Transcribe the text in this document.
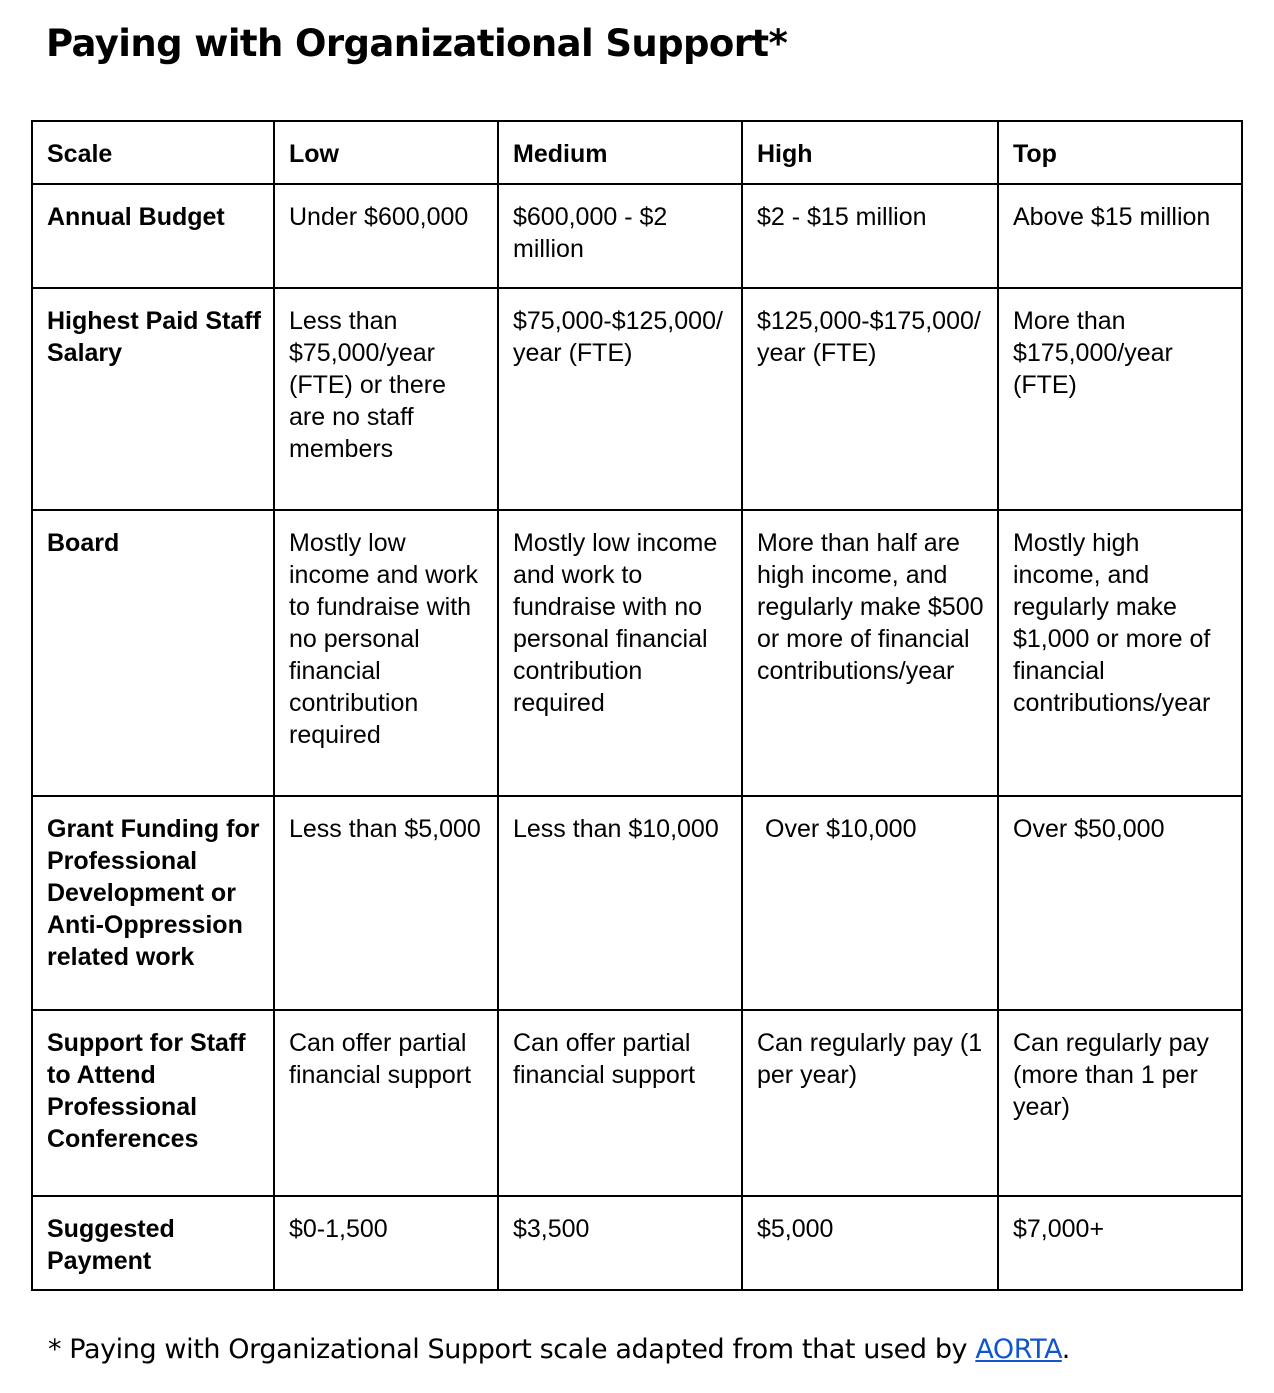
Paying with Organizational Support*
Scale	Low	Medium	High	Top
Annual Budget	Under $600,000	$600,000 - $2 million	$2 - $15 million	Above $15 million
Highest Paid Staff Salary	Less than $75,000/year (FTE) or there are no staff members	$75,000-$125,000/year (FTE)	$125,000-$175,000/year (FTE)	More than $175,000/year (FTE)
Board	Mostly low income and work to fundraise with no personal financial contribution required	Mostly low income and work to fundraise with no personal financial contribution required	More than half are high income, and regularly make $500 or more of financial contributions/year	Mostly high income, and regularly make $1,000 or more of financial contributions/year
Grant Funding for Professional Development or Anti-Oppression related work	Less than $5,000	Less than $10,000	Over $10,000	Over $50,000
Support for Staff to Attend Professional Conferences	Can offer partial financial support	Can offer partial financial support	Can regularly pay (1 per year)	Can regularly pay (more than 1 per year)
Suggested Payment	$0-1,500	$3,500	$5,000	$7,000+

* Paying with Organizational Support scale adapted from that used by AORTA.
